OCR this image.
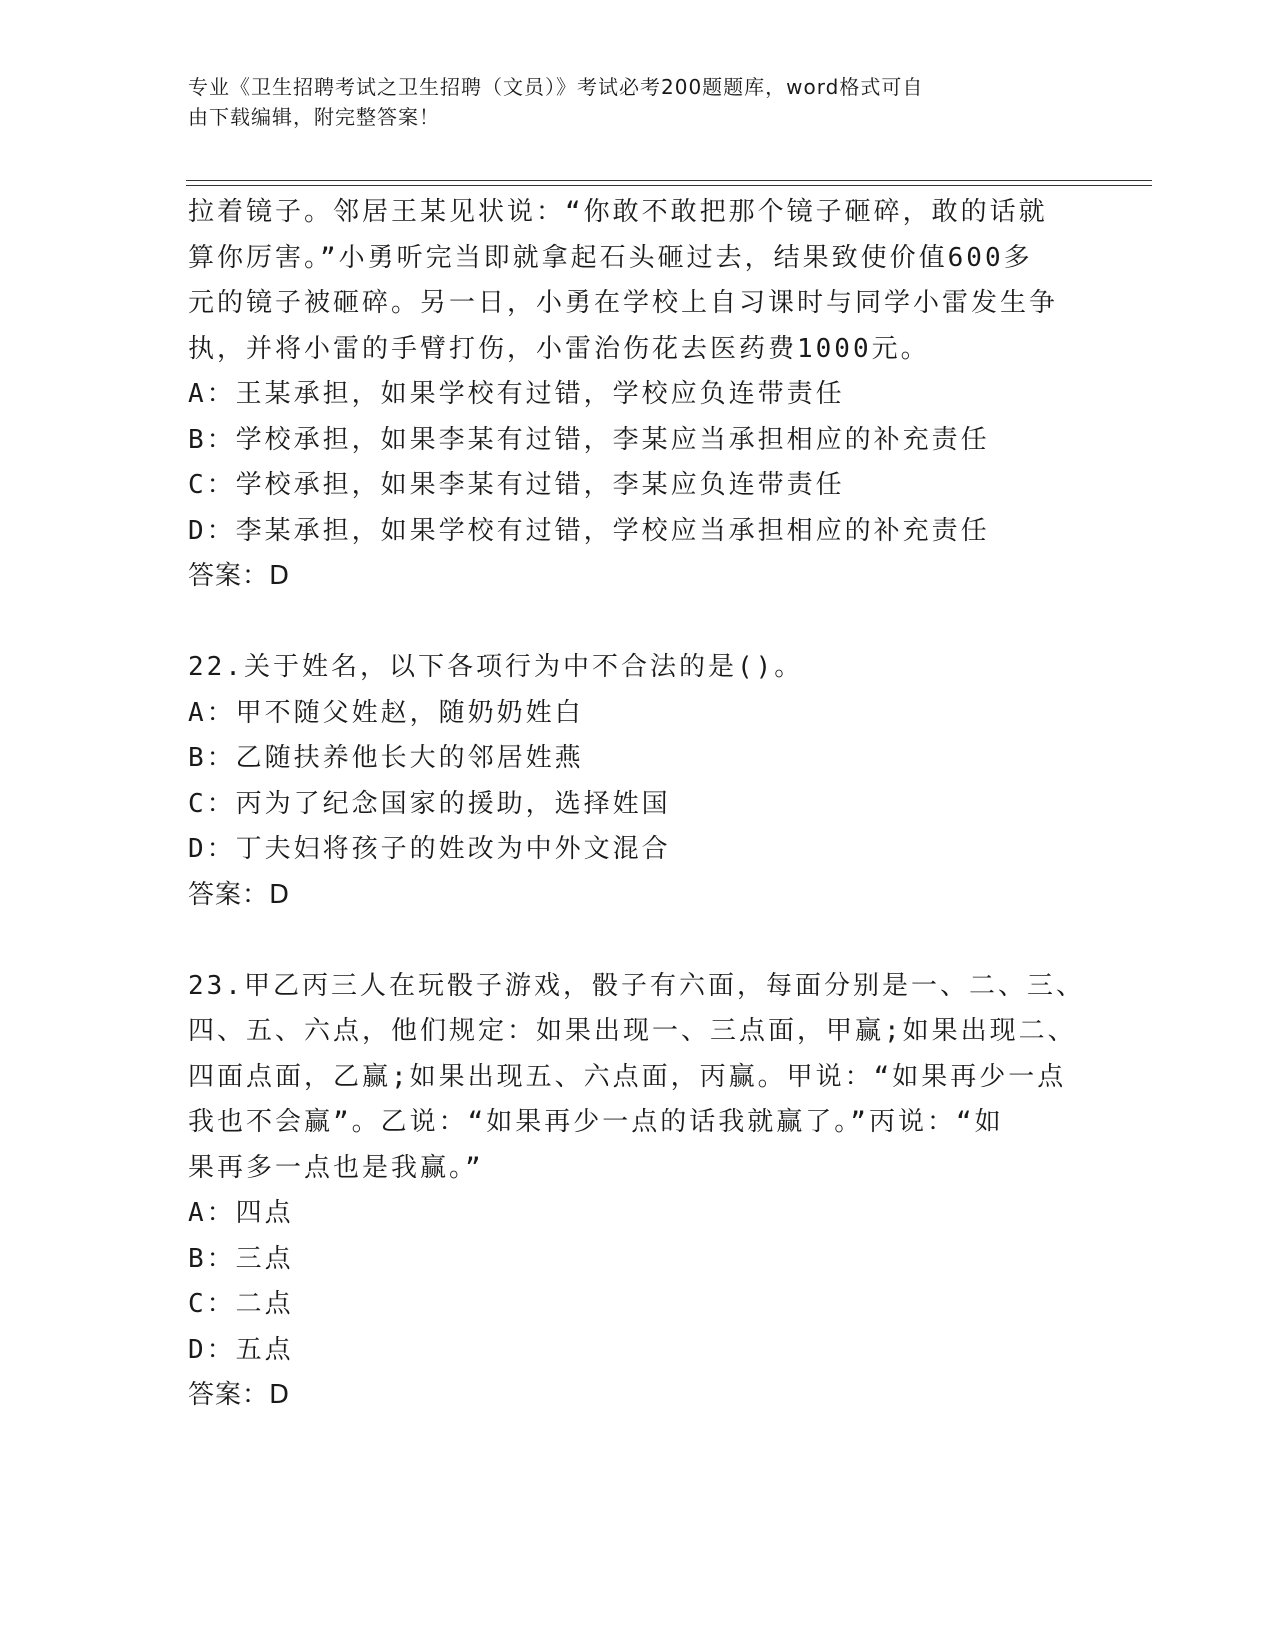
专业《卫生招聘考试之卫生招聘（文员）》考试必考200题题库，word格式可自
由下载编辑，附完整答案！
拉着镜子。邻居王某见状说：“你敢不敢把那个镜子砸碎，敢的话就
算你厉害。”小勇听完当即就拿起石头砸过去，结果致使价值600多
元的镜子被砸碎。另一日，小勇在学校上自习课时与同学小雷发生争
执，并将小雷的手臂打伤，小雷治伤花去医药费1000元。
A：王某承担，如果学校有过错，学校应负连带责任
B：学校承担，如果李某有过错，李某应当承担相应的补充责任
C：学校承担，如果李某有过错，李某应负连带责任
D：李某承担，如果学校有过错，学校应当承担相应的补充责任
答案：D
22.关于姓名，以下各项行为中不合法的是()。
A：甲不随父姓赵，随奶奶姓白
B：乙随扶养他长大的邻居姓燕
C：丙为了纪念国家的援助，选择姓国
D：丁夫妇将孩子的姓改为中外文混合
答案：D
23.甲乙丙三人在玩骰子游戏，骰子有六面，每面分别是一、二、三、
四、五、六点，他们规定：如果出现一、三点面，甲赢;如果出现二、
四面点面，乙赢;如果出现五、六点面，丙赢。甲说：“如果再少一点
我也不会赢”。乙说：“如果再少一点的话我就赢了。”丙说：“如
果再多一点也是我赢。”
A：四点
B：三点
C：二点
D：五点
答案：D
